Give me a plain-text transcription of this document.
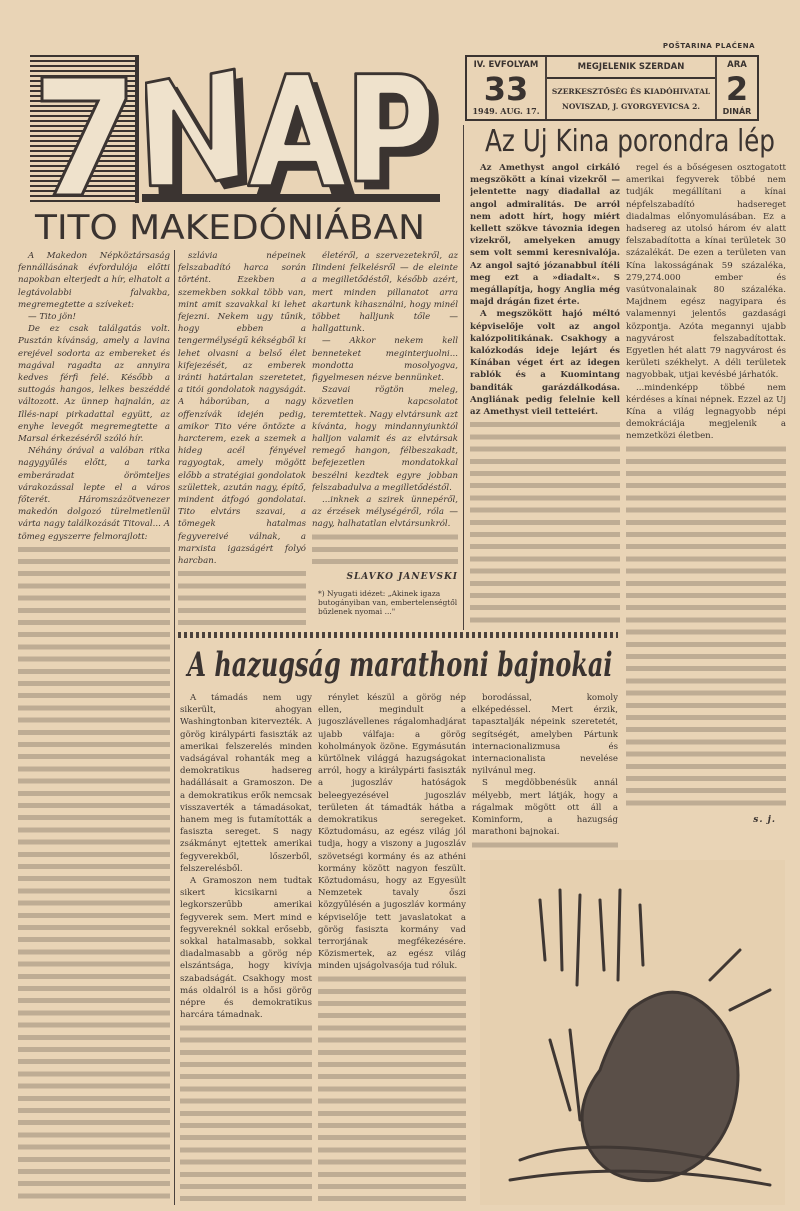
POŠTARINA PLAĆENA
IV. ÉVFOLYAM
33
1949. AUG. 17.
MEGJELENIK SZERDÁN
SZERKESZTŐSÉG ÉS KIADÓHIVATAL
NOVISZAD, J. GYORGYEVICSA 2.
ÁRA
2
DINÁR
TITO MAKEDÓNIÁBAN

A Makedon Népköztársaság fennállásának évfordulója előtti napokban elterjedt a hír, elhatolt a legtávolabbi falvakba, megremegtette a szíveket:

— Tito jön!

De ez csak találgatás volt. Pusztán kívánság, amely a lavina erejével sodorta az embereket és magával ragadta az annyira kedves férfi felé. Később a suttogás hangos, lelkes beszéddé változott. Az ünnep hajnalán, az Illés-napi pirkadattal együtt, az enyhe levegőt megremegtette a Marsal érkezéséről szóló hír.

Néhány órával a valóban ritka nagygyűlés előtt, a tarka emberáradat örömteljes várakozással lepte el a város főterét. Háromszázötvenezer makedón dolgozó türelmetlenül várta nagy találkozását Titoval... A tömeg egyszerre felmorajlott:

szlávia népeinek felszabadító harca során történt. Ezekben a szemekben sokkal több van, mint amit szavakkal ki lehet fejezni. Nekem ugy tűnik, hogy ebben a tengermélységű kékségből ki lehet olvasni a belső élet kifejezését, az emberek iránti határtalan szeretetet, a titói gondolatok nagyságát. A háborúban, a nagy offenzívák idején pedig, amikor Tito vére öntözte a harctereт, ezek a szemek a hideg acél fényével ragyogtak, amely mögött előbb a stratégiai gondolatok születtek, azután nagy, építő, mindent átfogó gondolatai. Tito elvtárs szavai, a tömegek hatalmas fegyvereivé válnak, a marxista igazságért folyó harcban.

életéről, a szervezetekről, az Ilindeni felkelésről — de eleinte a megilletődéstől, később azért, mert minden pillanatot arra akartunk kihasználni, hogy minél többet halljunk tőle — hallgattunk.

— Akkor nekem kell benneteket meginterjuolni... mondotta mosolyogva, figyelmesen nézve bennünket.

Szavai rögtön meleg, közvetlen kapcsolatot teremtettek. Nagy elvtársunk azt kívánta, hogy mindannyiunktól halljon valamit és az elvtársak remegő hangon, félbeszakadt, befejezetlen mondatokkal beszélni kezdtek egyre jobban felszabadulva a megilletődéstől.

...inknek a szirek ünnepéről, az érzések mélységéről, róla — nagy, halhatatlan elvtársunkról.

SLAVKO JANEVSKI
*) Nyugati idézet: „Akinek igaza butogányiban van, embertelenségtől bűzlenek nyomai ..."
Az Uj Kina porondra lép

Az Amethyst angol cirkáló megszökött a kínai vizekről — jelentette nagy diadallal az angol admiralitás. De arról nem adott hírt, hogy miért kellett szökve távoznia idegen vizekről, amelyeken amugy sem volt semmi keresnivalója. Az angol sajtó józanabbul ítéli meg ezt a »diadalt«. S megállapítja, hogy Anglia még majd drágán fizet érte.

A megszökött hajó méltó képviselője volt az angol kalózpolitikának. Csakhogy a kalózkodás ideje lejárt és Kínában véget ért az idegen rablók és a Kuomintang banditák garázdálkodása. Angliának pedig felelnie kell az Amethyst vieil tetteiért.

regel és a bőségesen osztogatott amerikai fegyverek többé nem tudják megállítani a kínai népfelszabadító hadsereget diadalmas előnyomulásában. Ez a hadsereg az utolsó három év alatt felszabadította a kínai területek 30 százalékát. De ezen a területen van Kína lakosságának 59 százaléka, 279,274.000 ember és vasútvonalainak 80 százaléka. Majdnem egész nagyipara és valamennyi jelentős gazdasági központja. Azóta megannyi ujabb nagyvárost felszabadítottak. Egyetlen hét alatt 79 nagyvárost és kerületi székhelyt. A déli területek nagyobbak, utjai kevésbé járhatók.

...mindenképp többé nem kérdéses a kínai népnek. Ezzel az Uj Kína a világ legnagyobb népi demokráciája megjelenik a nemzetközi életben.

s. j.
A hazugság marathoni bajnokai

A támadás nem ugy sikerült, ahogyan Washingtonban kitervezték. A görög királypárti fasiszták az amerikai felszerelés minden vadságával rohanták meg a demokratikus hadsereg hadállásait a Gramoszon. De a demokratikus erők nemcsak visszaverték a támadásokat, hanem meg is futamították a fasiszta sereget. S nagy zsákmányt ejtettek amerikai fegyverekből, lőszerből, felszerelésből.

A Gramoszon nem tudtak sikert kicsikarni a legkorszerűbb amerikai fegyverek sem. Mert mind e fegyvereknél sokkal erősebb, sokkal hatalmasabb, sokkal diadalmasabb a görög nép elszántsága, hogy kivívja szabadságát. Csakhogy most más oldalról is a hősi görög népre és demokratikus harcára támadnak.

rénylet készül a görög nép ellen, megindult a jugoszlávellenes rágalomhadjárat ujabb válfaja: a görög koholmányok özöne. Egymásután kürtölnek világgá hazugságokat arról, hogy a királypárti fasiszták a jugoszláv hatóságok beleegyezésével jugoszláv területen át támadták hátba a demokratikus seregeket. Köztudomásu, az egész világ jól tudja, hogy a viszony a jugoszláv szövetségi kormány és az athéni kormány között nagyon feszült. Köztudomásu, hogy az Egyesült Nemzetek tavaly őszi közgyűlésén a jugoszláv kormány képviselője tett javaslatokat a görög fasiszta kormány vad terrorjának megfékezésére. Közismertek, az egész világ minden ujságolvasója tud róluk.

borodással, komoly elképedéssel. Mert érzik, tapasztalják népeink szeretetét, segítségét, amelyben Pártunk internacionalizmusa és internacionalista nevelése nyilvánul meg.

S megdöbbenésük annál mélyebb, mert látják, hogy a rágalmak mögött ott áll a Kominform, a hazugság marathoni bajnokai.
